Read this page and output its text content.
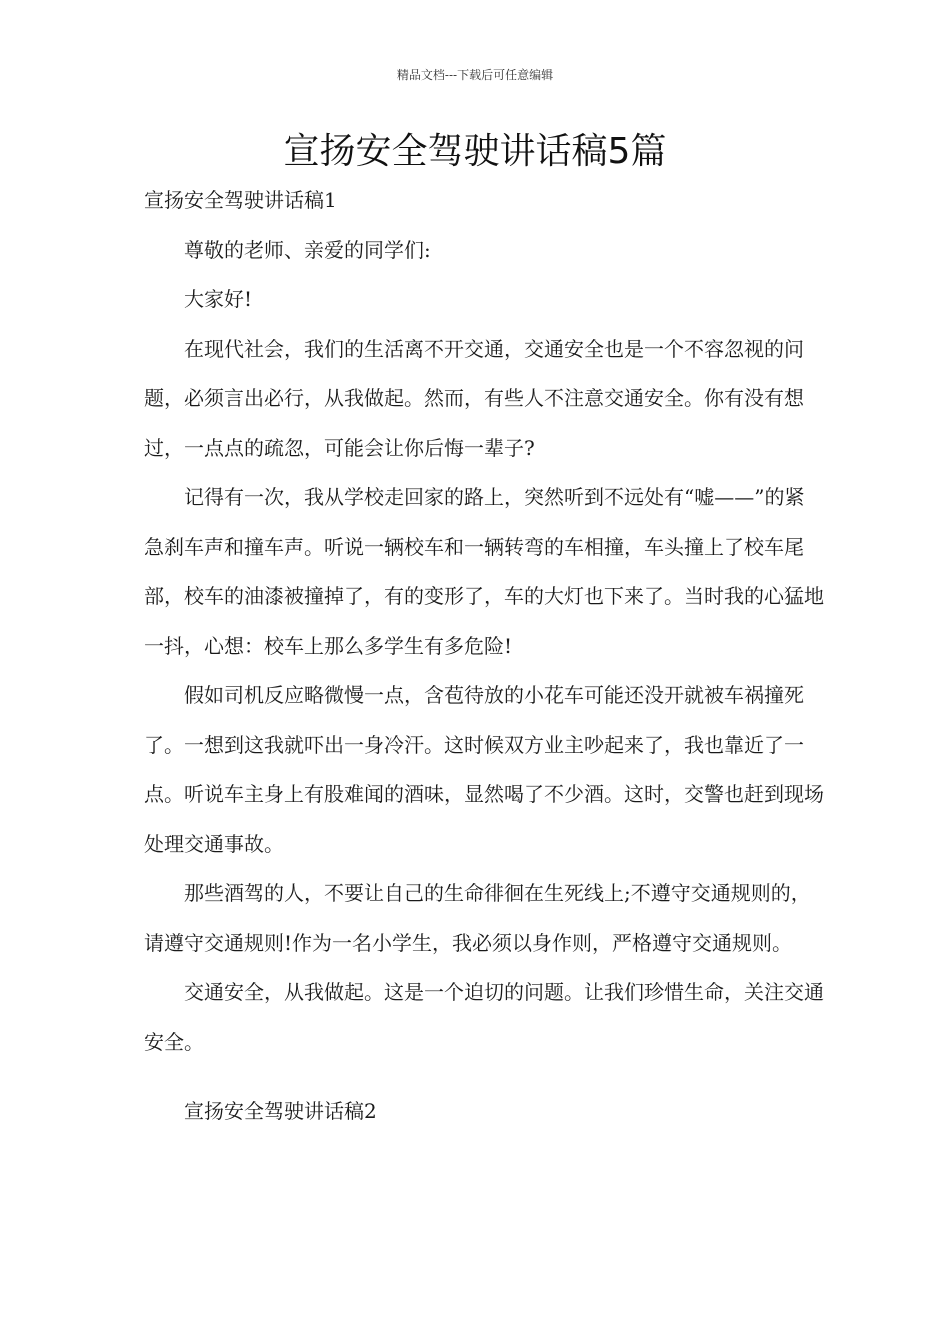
精品文档---下载后可任意编辑
宣扬安全驾驶讲话稿5篇

宣扬安全驾驶讲话稿1

尊敬的老师、亲爱的同学们:

大家好!

在现代社会，我们的生活离不开交通，交通安全也是一个不容忽视的问题，必须言出必行，从我做起。然而，有些人不注意交通安全。你有没有想过，一点点的疏忽，可能会让你后悔一辈子?

记得有一次，我从学校走回家的路上，突然听到不远处有“嘘——”的紧急刹车声和撞车声。听说一辆校车和一辆转弯的车相撞，车头撞上了校车尾部，校车的油漆被撞掉了，有的变形了，车的大灯也下来了。当时我的心猛地一抖，心想：校车上那么多学生有多危险!

假如司机反应略微慢一点，含苞待放的小花车可能还没开就被车祸撞死了。一想到这我就吓出一身冷汗。这时候双方业主吵起来了，我也靠近了一点。听说车主身上有股难闻的酒味，显然喝了不少酒。这时，交警也赶到现场处理交通事故。

那些酒驾的人，不要让自己的生命徘徊在生死线上;不遵守交通规则的，请遵守交通规则!作为一名小学生，我必须以身作则，严格遵守交通规则。

交通安全，从我做起。这是一个迫切的问题。让我们珍惜生命，关注交通安全。

宣扬安全驾驶讲话稿2
